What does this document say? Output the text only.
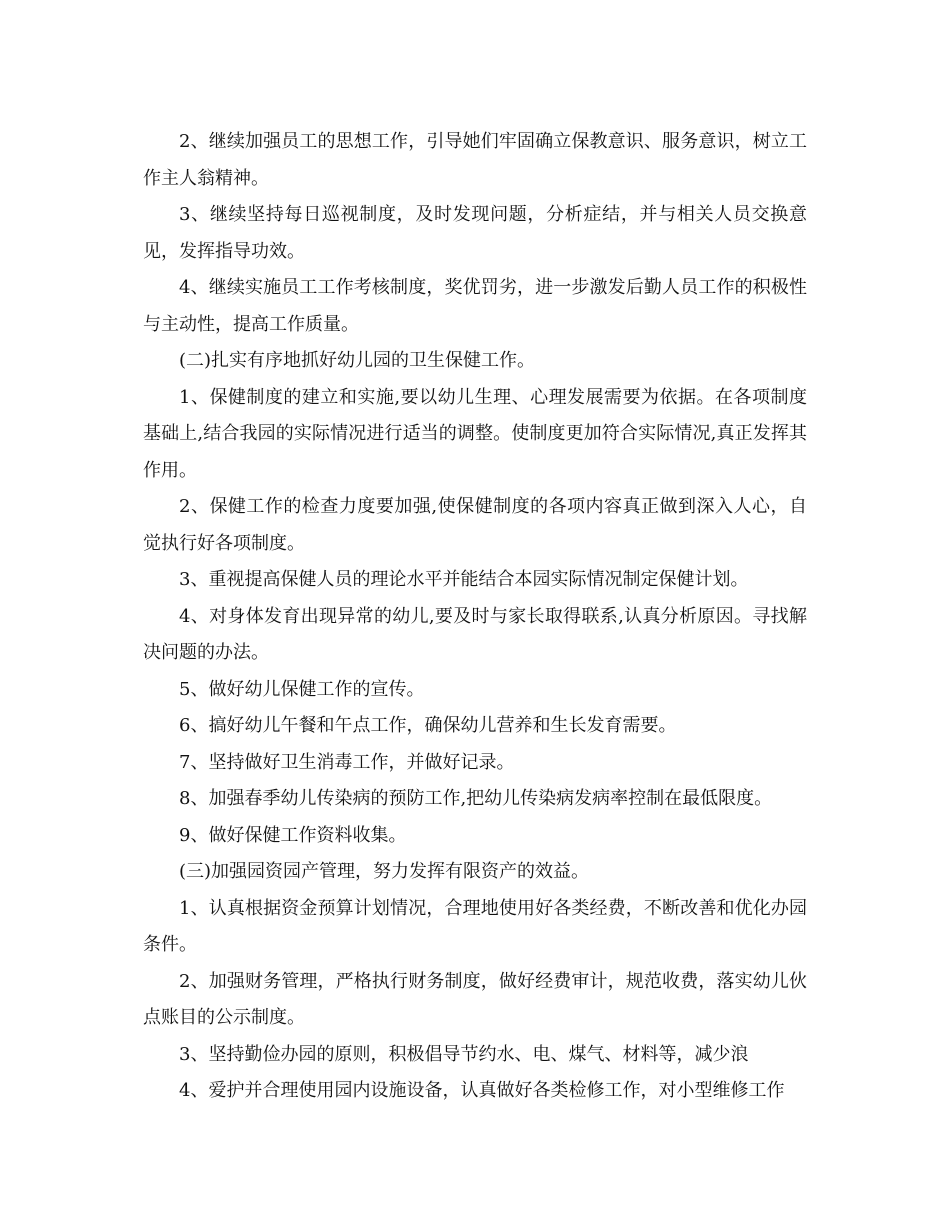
2、继续加强员工的思想工作，引导她们牢固确立保教意识、服务意识，树立工作主人翁精神。

3、继续坚持每日巡视制度，及时发现问题，分析症结，并与相关人员交换意见，发挥指导功效。

4、继续实施员工工作考核制度，奖优罚劣，进一步激发后勤人员工作的积极性与主动性，提高工作质量。

(二)扎实有序地抓好幼儿园的卫生保健工作。

1、保健制度的建立和实施,要以幼儿生理、心理发展需要为依据。在各项制度基础上,结合我园的实际情况进行适当的调整。使制度更加符合实际情况,真正发挥其作用。

2、保健工作的检查力度要加强,使保健制度的各项内容真正做到深入人心，自觉执行好各项制度。

3、重视提高保健人员的理论水平并能结合本园实际情况制定保健计划。

4、对身体发育出现异常的幼儿,要及时与家长取得联系,认真分析原因。寻找解决问题的办法。

5、做好幼儿保健工作的宣传。

6、搞好幼儿午餐和午点工作，确保幼儿营养和生长发育需要。

7、坚持做好卫生消毒工作，并做好记录。

8、加强春季幼儿传染病的预防工作,把幼儿传染病发病率控制在最低限度。

9、做好保健工作资料收集。

(三)加强园资园产管理，努力发挥有限资产的效益。

1、认真根据资金预算计划情况，合理地使用好各类经费，不断改善和优化办园条件。

2、加强财务管理，严格执行财务制度，做好经费审计，规范收费，落实幼儿伙点账目的公示制度。

3、坚持勤俭办园的原则，积极倡导节约水、电、煤气、材料等，减少浪

4、爱护并合理使用园内设施设备，认真做好各类检修工作，对小型维修工作
